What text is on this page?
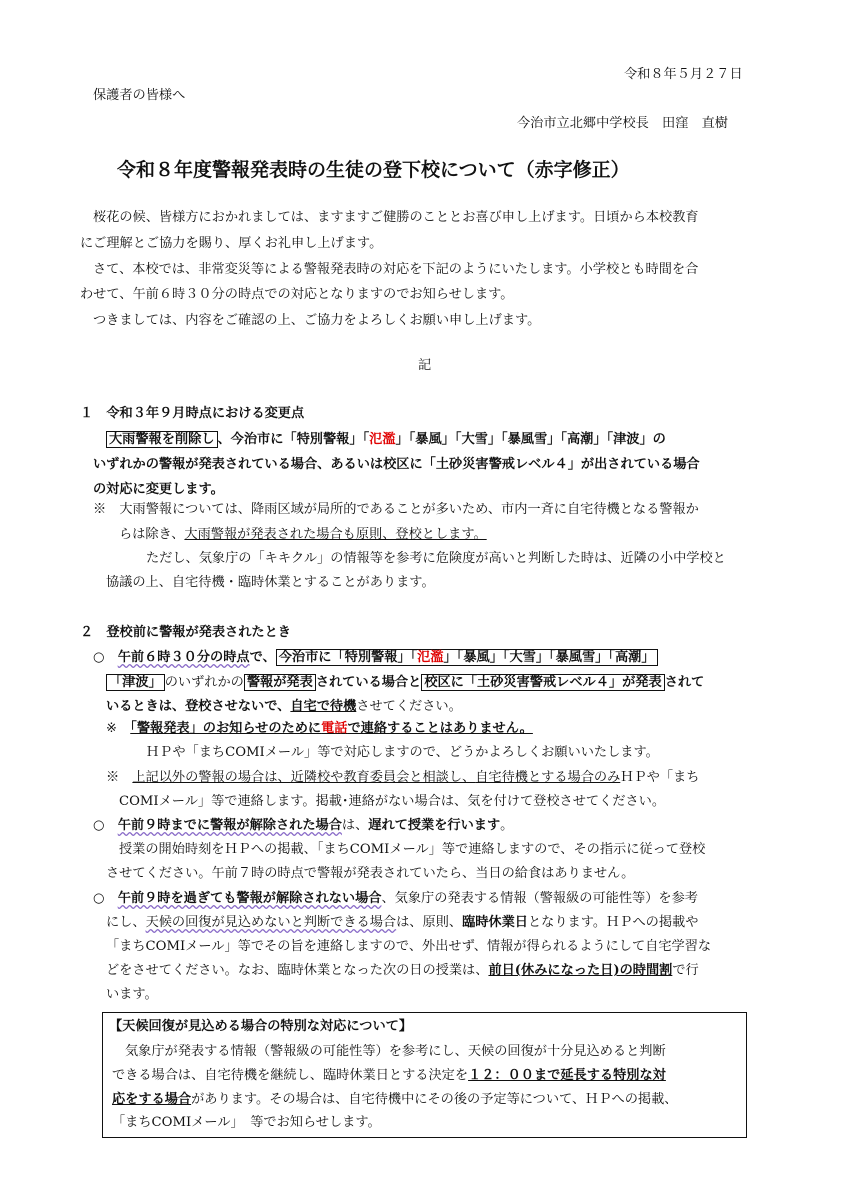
令和８年５月２７日
保護者の皆様へ
今治市立北郷中学校長　田窪　直樹
令和８年度警報発表時の生徒の登下校について（赤字修正）
桜花の候、皆様方におかれましては、ますますご健勝のこととお喜び申し上げます。日頃から本校教育
にご理解とご協力を賜り、厚くお礼申し上げます。
さて、本校では、非常変災等による警報発表時の対応を下記のようにいたします。小学校とも時間を合
わせて、午前６時３０分の時点での対応となりますのでお知らせします。
つきましては、内容をご確認の上、ご協力をよろしくお願い申し上げます。
記
１　令和３年９月時点における変更点
大雨警報を削除し 、今治市に「特別警報」「氾濫」「暴風」「大雪」「暴風雪」「高潮」「津波」の
いずれかの警報が発表されている場合、あるいは校区に「土砂災害警戒レベル４」が出されている場合
の対応に変更します。
※　大雨警報については、降雨区域が局所的であることが多いため、市内一斉に自宅待機となる警報か
らは除き、大雨警報が発表された場合も原則、登校とします。
ただし、気象庁の「キキクル」の情報等を参考に危険度が高いと判断した時は、近隣の小中学校と
協議の上、自宅待機・臨時休業とすることがあります。
２　登校前に警報が発表されたとき
○　 午前６時３０分の時点で、 今治市に「特別警報」「氾濫」「暴風」「大雪」「暴風雪」「高潮」
「津波」 のいずれかの 警報が発表 されている場合と 校区に「土砂災害警戒レベル４」が発表 されて
いるときは、登校させないで、自宅で待機させてください。
※　 「警報発表」のお知らせのために電話で連絡することはありません。
ＨＰや「まちCOMIメール」等で対応しますので、どうかよろしくお願いいたします。
※　 上記以外の警報の場合は、近隣校や教育委員会と相談し、自宅待機とする場合のみＨＰや「まち
COMIメール」等で連絡します。掲載･連絡がない場合は、気を付けて登校させてください。
○　 午前９時までに警報が解除された場合は、遅れて授業を行います。
授業の開始時刻をＨＰへの掲載、「まちCOMIメール」等で連絡しますので、その指示に従って登校
させてください。午前７時の時点で警報が発表されていたら、当日の給食はありません。
○　 午前９時を過ぎても警報が解除されない場合、気象庁の発表する情報（警報級の可能性等）を参考
にし、天候の回復が見込めないと判断できる場合は、原則、臨時休業日となります。ＨＰへの掲載や
「まちCOMIメール」等でその旨を連絡しますので、外出せず、情報が得られるようにして自宅学習な
どをさせてください。なお、臨時休業となった次の日の授業は、前日(休みになった日)の時間割で行
います。
【天候回復が見込める場合の特別な対応について】
気象庁が発表する情報（警報級の可能性等）を参考にし、天候の回復が十分見込めると判断
できる場合は、自宅待機を継続し、臨時休業日とする決定を１２：００まで延長する特別な対
応をする場合があります。その場合は、自宅待機中にその後の予定等について、ＨＰへの掲載、
「まちCOMIメール」　等でお知らせします。
